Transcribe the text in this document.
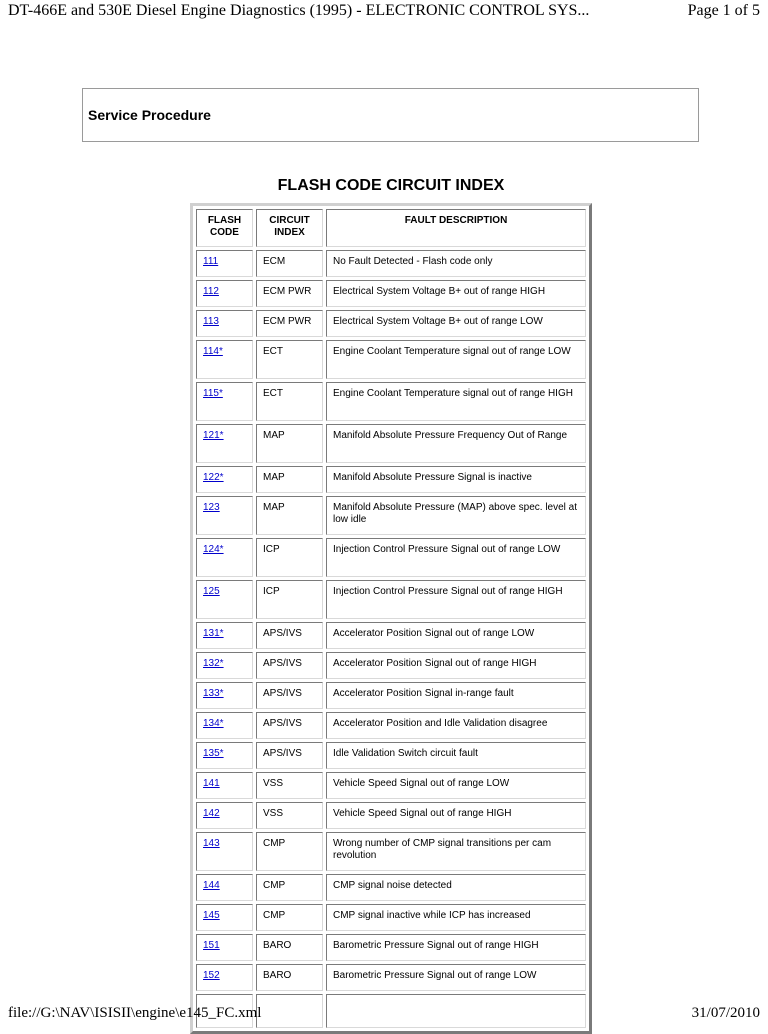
DT-466E and 530E Diesel Engine Diagnostics (1995) - ELECTRONIC CONTROL SYS...	Page 1 of 5
Service Procedure
FLASH CODE CIRCUIT INDEX
FLASH CODE	CIRCUIT INDEX	FAULT DESCRIPTION
111	ECM	No Fault Detected - Flash code only
112	ECM PWR	Electrical System Voltage B+ out of range HIGH
113	ECM PWR	Electrical System Voltage B+ out of range LOW
114*	ECT	Engine Coolant Temperature signal out of range LOW
115*	ECT	Engine Coolant Temperature signal out of range HIGH
121*	MAP	Manifold Absolute Pressure Frequency Out of Range
122*	MAP	Manifold Absolute Pressure Signal is inactive
123	MAP	Manifold Absolute Pressure (MAP) above spec. level at low idle
124*	ICP	Injection Control Pressure Signal out of range LOW
125	ICP	Injection Control Pressure Signal out of range HIGH
131*	APS/IVS	Accelerator Position Signal out of range LOW
132*	APS/IVS	Accelerator Position Signal out of range HIGH
133*	APS/IVS	Accelerator Position Signal in-range fault
134*	APS/IVS	Accelerator Position and Idle Validation disagree
135*	APS/IVS	Idle Validation Switch circuit fault
141	VSS	Vehicle Speed Signal out of range LOW
142	VSS	Vehicle Speed Signal out of range HIGH
143	CMP	Wrong number of CMP signal transitions per cam revolution
144	CMP	CMP signal noise detected
145	CMP	CMP signal inactive while ICP has increased
151	BARO	Barometric Pressure Signal out of range HIGH
152	BARO	Barometric Pressure Signal out of range LOW

file://G:\NAV\ISISII\engine\e145_FC.xml	31/07/2010
